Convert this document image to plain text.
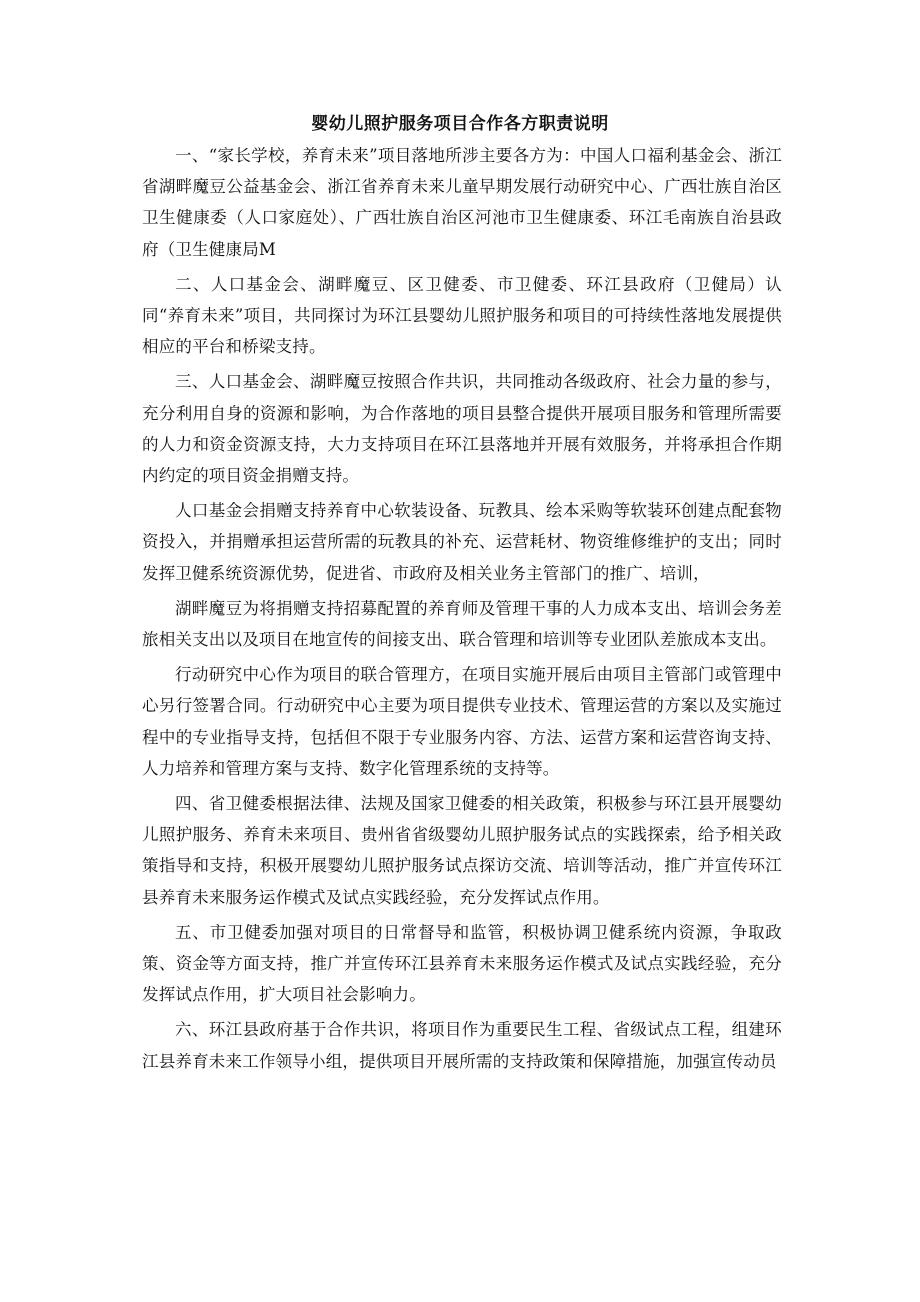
婴幼儿照护服务项目合作各方职责说明

一、“家长学校，养育未来”项目落地所涉主要各方为：中国人口福利基金会、浙江省湖畔魔豆公益基金会、浙江省养育未来儿童早期发展行动研究中心、广西壮族自治区卫生健康委（人口家庭处）、广西壮族自治区河池市卫生健康委、环江毛南族自治县政府（卫生健康局M

二、人口基金会、湖畔魔豆、区卫健委、市卫健委、环江县政府（卫健局）认同“养育未来”项目，共同探讨为环江县婴幼儿照护服务和项目的可持续性落地发展提供相应的平台和桥梁支持。

三、人口基金会、湖畔魔豆按照合作共识，共同推动各级政府、社会力量的参与，充分利用自身的资源和影响，为合作落地的项目县整合提供开展项目服务和管理所需要的人力和资金资源支持，大力支持项目在环江县落地并开展有效服务，并将承担合作期内约定的项目资金捐赠支持。

人口基金会捐赠支持养育中心软装设备、玩教具、绘本采购等软装环创建点配套物资投入，并捐赠承担运营所需的玩教具的补充、运营耗材、物资维修维护的支出；同时发挥卫健系统资源优势，促进省、市政府及相关业务主管部门的推广、培训，

湖畔魔豆为将捐赠支持招募配置的养育师及管理干事的人力成本支出、培训会务差旅相关支出以及项目在地宣传的间接支出、联合管理和培训等专业团队差旅成本支出。

行动研究中心作为项目的联合管理方，在项目实施开展后由项目主管部门或管理中心另行签署合同。行动研究中心主要为项目提供专业技术、管理运营的方案以及实施过程中的专业指导支持，包括但不限于专业服务内容、方法、运营方案和运营咨询支持、人力培养和管理方案与支持、数字化管理系统的支持等。

四、省卫健委根据法律、法规及国家卫健委的相关政策，积极参与环江县开展婴幼儿照护服务、养育未来项目、贵州省省级婴幼儿照护服务试点的实践探索，给予相关政策指导和支持，积极开展婴幼儿照护服务试点探访交流、培训等活动，推广并宣传环江县养育未来服务运作模式及试点实践经验，充分发挥试点作用。

五、市卫健委加强对项目的日常督导和监管，积极协调卫健系统内资源，争取政策、资金等方面支持，推广并宣传环江县养育未来服务运作模式及试点实践经验，充分发挥试点作用，扩大项目社会影响力。

六、环江县政府基于合作共识，将项目作为重要民生工程、省级试点工程，组建环江县养育未来工作领导小组，提供项目开展所需的支持政策和保障措施，加强宣传动员
